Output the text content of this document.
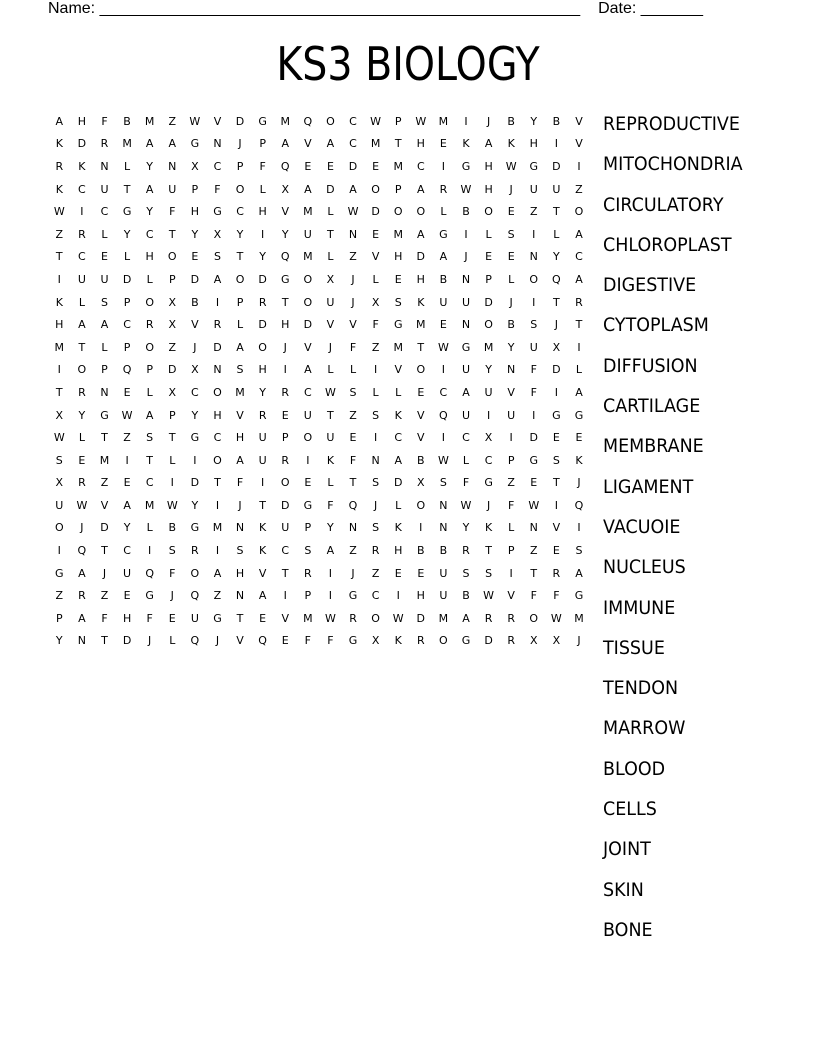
Name: ______________________________________________________ Date: _______
KS3 BIOLOGY
A	H	F	B	M	Z	W	V	D	G	M	Q	O	C	W	P	W	M	I	J	B	Y	B	V
K	D	R	M	A	A	G	N	J	P	A	V	A	C	M	T	H	E	K	A	K	H	I	V
R	K	N	L	Y	N	X	C	P	F	Q	E	E	D	E	M	C	I	G	H	W	G	D	I
K	C	U	T	A	U	P	F	O	L	X	A	D	A	O	P	A	R	W	H	J	U	U	Z
W	I	C	G	Y	F	H	G	C	H	V	M	L	W	D	O	O	L	B	O	E	Z	T	O
Z	R	L	Y	C	T	Y	X	Y	I	Y	U	T	N	E	M	A	G	I	L	S	I	L	A
T	C	E	L	H	O	E	S	T	Y	Q	M	L	Z	V	H	D	A	J	E	E	N	Y	C
I	U	U	D	L	P	D	A	O	D	G	O	X	J	L	E	H	B	N	P	L	O	Q	A
K	L	S	P	O	X	B	I	P	R	T	O	U	J	X	S	K	U	U	D	J	I	T	R
H	A	A	C	R	X	V	R	L	D	H	D	V	V	F	G	M	E	N	O	B	S	J	T
M	T	L	P	O	Z	J	D	A	O	J	V	J	F	Z	M	T	W	G	M	Y	U	X	I
I	O	P	Q	P	D	X	N	S	H	I	A	L	L	I	V	O	I	U	Y	N	F	D	L
T	R	N	E	L	X	C	O	M	Y	R	C	W	S	L	L	E	C	A	U	V	F	I	A
X	Y	G	W	A	P	Y	H	V	R	E	U	T	Z	S	K	V	Q	U	I	U	I	G	G
W	L	T	Z	S	T	G	C	H	U	P	O	U	E	I	C	V	I	C	X	I	D	E	E
S	E	M	I	T	L	I	O	A	U	R	I	K	F	N	A	B	W	L	C	P	G	S	K
X	R	Z	E	C	I	D	T	F	I	O	E	L	T	S	D	X	S	F	G	Z	E	T	J
U	W	V	A	M	W	Y	I	J	T	D	G	F	Q	J	L	O	N	W	J	F	W	I	Q
O	J	D	Y	L	B	G	M	N	K	U	P	Y	N	S	K	I	N	Y	K	L	N	V	I
I	Q	T	C	I	S	R	I	S	K	C	S	A	Z	R	H	B	B	R	T	P	Z	E	S
G	A	J	U	Q	F	O	A	H	V	T	R	I	J	Z	E	E	U	S	S	I	T	R	A
Z	R	Z	E	G	J	Q	Z	N	A	I	P	I	G	C	I	H	U	B	W	V	F	F	G
P	A	F	H	F	E	U	G	T	E	V	M	W	R	O	W	D	M	A	R	R	O	W	M
Y	N	T	D	J	L	Q	J	V	Q	E	F	F	G	X	K	R	O	G	D	R	X	X	J
REPRODUCTIVE
MITOCHONDRIA
CIRCULATORY
CHLOROPLAST
DIGESTIVE
CYTOPLASM
DIFFUSION
CARTILAGE
MEMBRANE
LIGAMENT
VACUOIE
NUCLEUS
IMMUNE
TISSUE
TENDON
MARROW
BLOOD
CELLS
JOINT
SKIN
BONE
